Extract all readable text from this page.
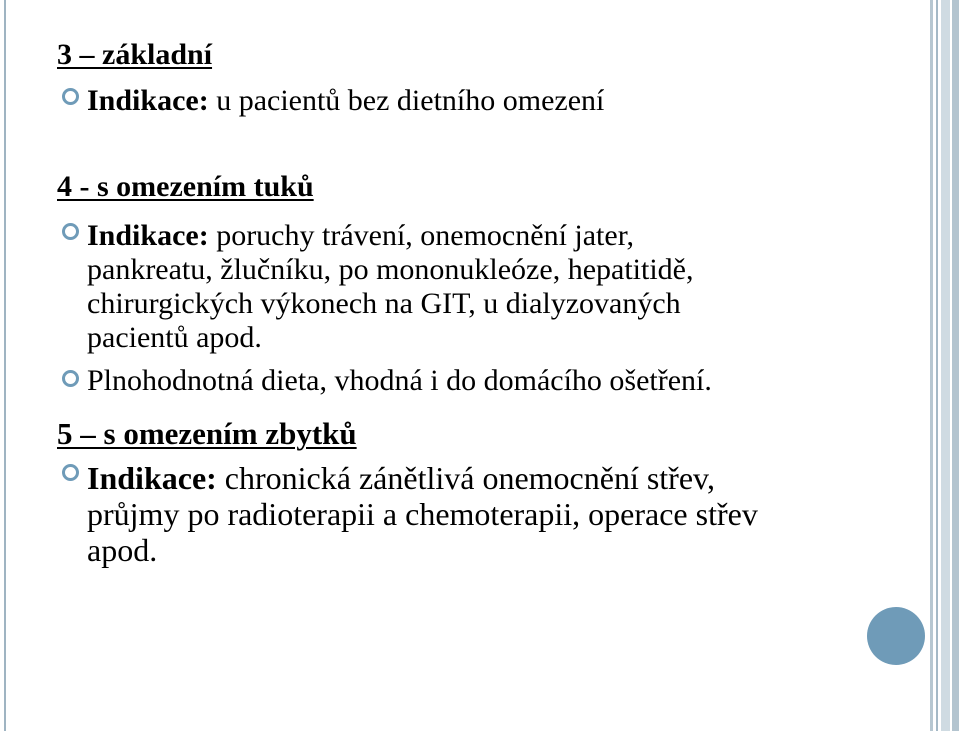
3 – základní
Indikace: u pacientů bez dietního omezení
4 - s omezením tuků
Indikace: poruchy trávení, onemocnění jater,
pankreatu, žlučníku, po mononukleóze, hepatitidě,
chirurgických výkonech na GIT, u dialyzovaných
pacientů apod.
Plnohodnotná dieta, vhodná i do domácího ošetření.
5 – s omezením zbytků
Indikace: chronická zánětlivá onemocnění střev,
průjmy po radioterapii a chemoterapii, operace střev
apod.
